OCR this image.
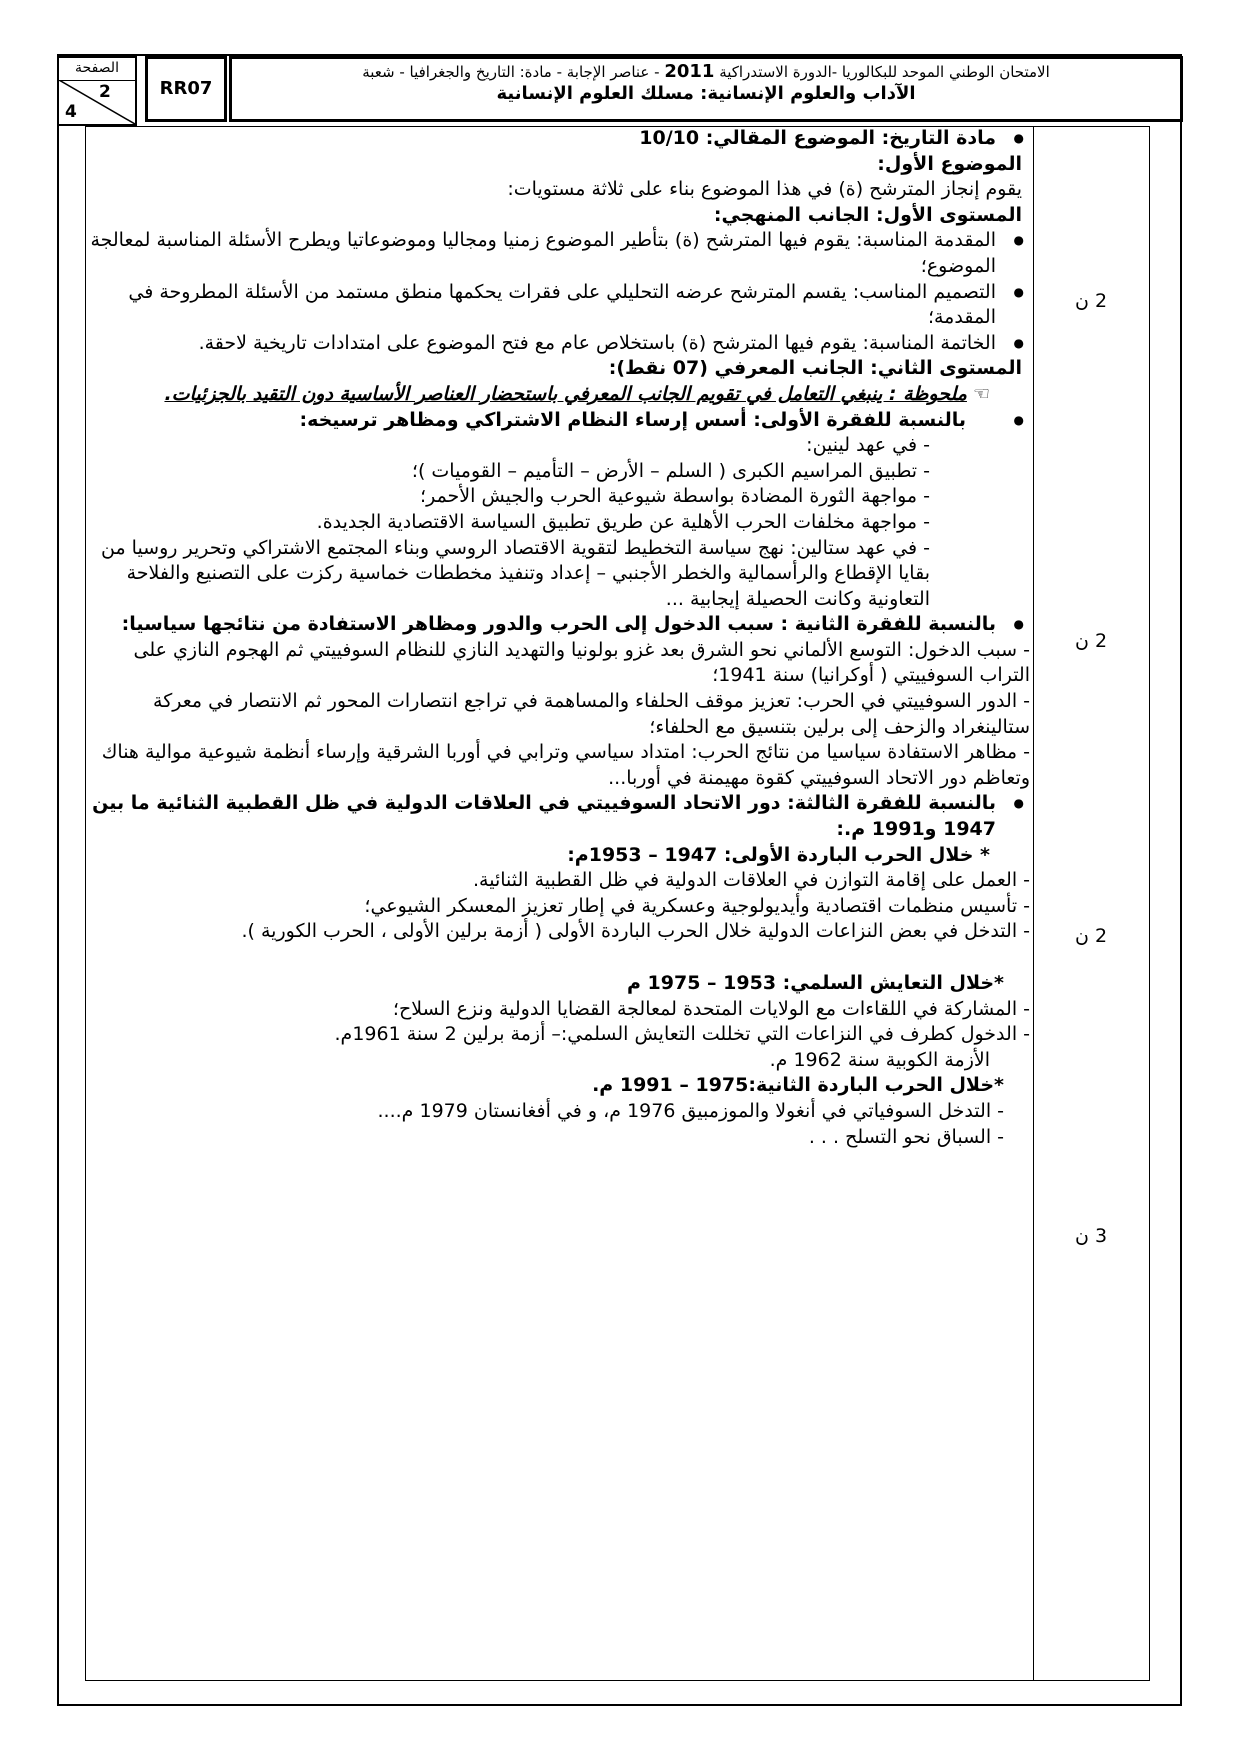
الصفحة
2
4
RR07
الامتحان الوطني الموحد للبكالوريا -الدورة الاستدراكية 2011 - عناصر الإجابة - مادة: التاريخ والجغرافيا - شعبة
الآداب والعلوم الإنسانية: مسلك العلوم الإنسانية
2 ن
2 ن
2 ن
3 ن

● مادة التاريخ: الموضوع المقالي: 10/10

الموضوع الأول:

يقوم إنجاز المترشح (ة) في هذا الموضوع بناء على ثلاثة مستويات:

المستوى الأول: الجانب المنهجي:

● المقدمة المناسبة: يقوم فيها المترشح (ة) بتأطير الموضوع زمنيا ومجاليا وموضوعاتيا ويطرح الأسئلة المناسبة لمعالجة الموضوع؛

● التصميم المناسب: يقسم المترشح عرضه التحليلي على فقرات يحكمها منطق مستمد من الأسئلة المطروحة في المقدمة؛

● الخاتمة المناسبة: يقوم فيها المترشح (ة) باستخلاص عام مع فتح الموضوع على امتدادات تاريخية لاحقة.

المستوى الثاني: الجانب المعرفي (07 نقط):

☜ملحوظة : ينبغي التعامل في تقويم الجانب المعرفي باستحضار العناصر الأساسية دون التقيد بالجزئيات.

● بالنسبة للفقرة الأولى: أسس إرساء النظام الاشتراكي ومظاهر ترسيخه:

- في عهد لينين:

- تطبيق المراسيم الكبرى ( السلم – الأرض – التأميم – القوميات )؛

- مواجهة الثورة المضادة بواسطة شيوعية الحرب والجيش الأحمر؛

- مواجهة مخلفات الحرب الأهلية عن طريق تطبيق السياسة الاقتصادية الجديدة.

- في عهد ستالين: نهج سياسة التخطيط لتقوية الاقتصاد الروسي وبناء المجتمع الاشتراكي وتحرير روسيا من بقايا الإقطاع والرأسمالية والخطر الأجنبي – إعداد وتنفيذ مخططات خماسية ركزت على التصنيع والفلاحة التعاونية وكانت الحصيلة إيجابية ...

● بالنسبة للفقرة الثانية : سبب الدخول إلى الحرب والدور ومظاهر الاستفادة من نتائجها سياسيا:

- سبب الدخول: التوسع الألماني نحو الشرق بعد غزو بولونيا والتهديد النازي للنظام السوفييتي ثم الهجوم النازي على التراب السوفييتي ( أوكرانيا) سنة 1941؛

- الدور السوفييتي في الحرب: تعزيز موقف الحلفاء والمساهمة في تراجع انتصارات المحور ثم الانتصار في معركة ستالينغراد والزحف إلى برلين بتنسيق مع الحلفاء؛

- مظاهر الاستفادة سياسيا من نتائج الحرب: امتداد سياسي وترابي في أوربا الشرقية وإرساء أنظمة شيوعية موالية هناك وتعاظم دور الاتحاد السوفييتي كقوة مهيمنة في أوربا...

● بالنسبة للفقرة الثالثة: دور الاتحاد السوفييتي في العلاقات الدولية في ظل القطبية الثنائية ما بين 1947 و1991 م.:

* خلال الحرب الباردة الأولى: 1947 – 1953م:

- العمل على إقامة التوازن في العلاقات الدولية في ظل القطبية الثنائية.

- تأسيس منظمات اقتصادية وأيديولوجية وعسكرية في إطار تعزيز المعسكر الشيوعي؛

- التدخل في بعض النزاعات الدولية خلال الحرب الباردة الأولى ( أزمة برلين الأولى ، الحرب الكورية ).

*خلال التعايش السلمي: 1953 – 1975 م

- المشاركة في اللقاءات مع الولايات المتحدة لمعالجة القضايا الدولية ونزع السلاح؛

- الدخول كطرف في النزاعات التي تخللت التعايش السلمي:– أزمة برلين 2 سنة 1961م.

الأزمة الكوبية سنة 1962 م.

*خلال الحرب الباردة الثانية:1975 – 1991 م.

- التدخل السوفياتي في أنغولا والموزمبيق 1976 م، و في أفغانستان 1979 م....

- السباق نحو التسلح . . .
